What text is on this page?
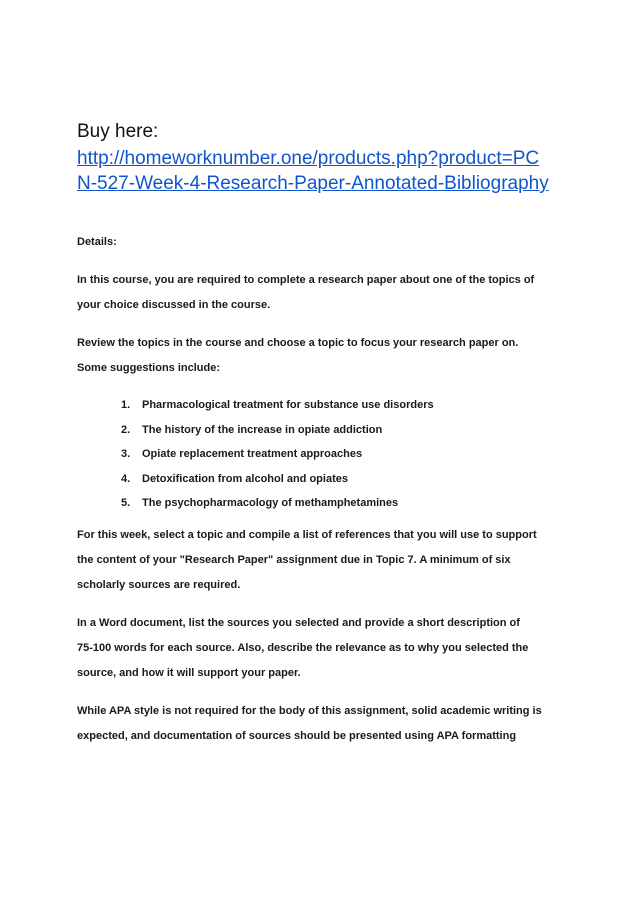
Buy here:

http://homeworknumber.one/products.php?product=PC
N-527-Week-4-Research-Paper-Annotated-Bibliography

Details:

In this course, you are required to complete a research paper about one of the topics of
your choice discussed in the course.

Review the topics in the course and choose a topic to focus your research paper on.
Some suggestions include:

1. Pharmacological treatment for substance use disorders
2. The history of the increase in opiate addiction
3. Opiate replacement treatment approaches
4. Detoxification from alcohol and opiates
5. The psychopharmacology of methamphetamines

For this week, select a topic and compile a list of references that you will use to support
the content of your "Research Paper" assignment due in Topic 7. A minimum of six
scholarly sources are required.

In a Word document, list the sources you selected and provide a short description of
75-100 words for each source. Also, describe the relevance as to why you selected the
source, and how it will support your paper.

While APA style is not required for the body of this assignment, solid academic writing is
expected, and documentation of sources should be presented using APA formatting
